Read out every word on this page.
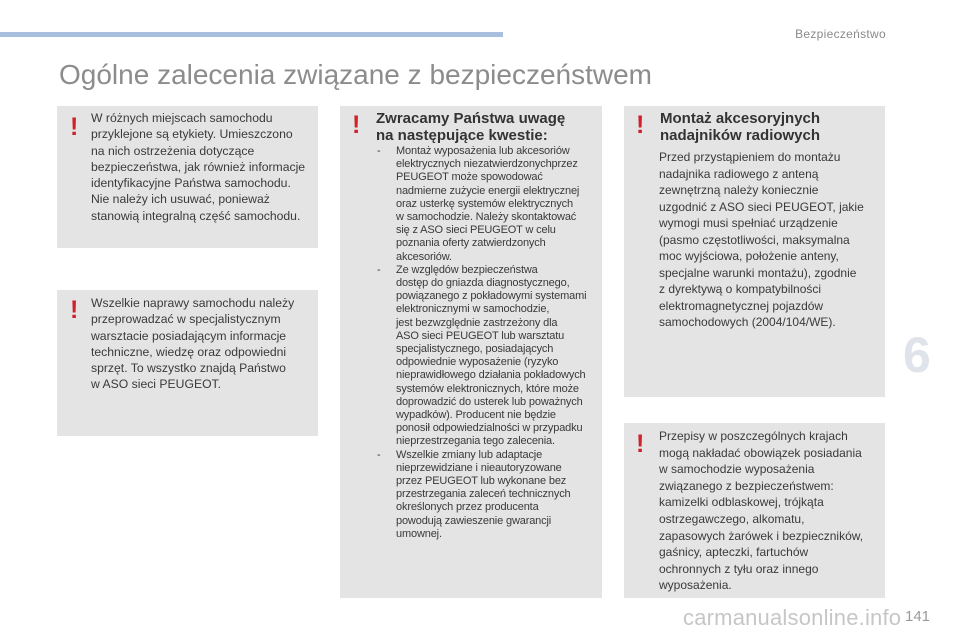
Bezpieczeństwo
Ogólne zalecenia związane z bezpieczeństwem
! W różnych miejscach samochodu
przyklejone są etykiety. Umieszczono
na nich ostrzeżenia dotyczące
bezpieczeństwa, jak również informacje
identyfikacyjne Państwa samochodu.
Nie należy ich usuwać, ponieważ
stanowią integralną część samochodu.
! Wszelkie naprawy samochodu należy
przeprowadzać w specjalistycznym
warsztacie posiadającym informacje
techniczne, wiedzę oraz odpowiedni
sprzęt. To wszystko znajdą Państwo
w ASO sieci PEUGEOT.
! Zwracamy Państwa uwagę
na następujące kwestie:
- Montaż wyposażenia lub akcesoriów
elektrycznych niezatwierdzonychprzez
PEUGEOT może spowodować
nadmierne zużycie energii elektrycznej
oraz usterkę systemów elektrycznych
w samochodzie. Należy skontaktować
się z ASO sieci PEUGEOT w celu
poznania oferty zatwierdzonych
akcesoriów.
- Ze względów bezpieczeństwa
dostęp do gniazda diagnostycznego,
powiązanego z pokładowymi systemami
elektronicznymi w samochodzie,
jest bezwzględnie zastrzeżony dla
ASO sieci PEUGEOT lub warsztatu
specjalistycznego, posiadających
odpowiednie wyposażenie (ryzyko
nieprawidłowego działania pokładowych
systemów elektronicznych, które może
doprowadzić do usterek lub poważnych
wypadków). Producent nie będzie
ponosił odpowiedzialności w przypadku
nieprzestrzegania tego zalecenia.
- Wszelkie zmiany lub adaptacje
nieprzewidziane i nieautoryzowane
przez PEUGEOT lub wykonane bez
przestrzegania zaleceń technicznych
określonych przez producenta
powodują zawieszenie gwarancji
umownej.
! Montaż akcesoryjnych
nadajników radiowych
Przed przystąpieniem do montażu
nadajnika radiowego z anteną
zewnętrzną należy koniecznie
uzgodnić z ASO sieci PEUGEOT, jakie
wymogi musi spełniać urządzenie
(pasmo częstotliwości, maksymalna
moc wyjściowa, położenie anteny,
specjalne warunki montażu), zgodnie
z dyrektywą o kompatybilności
elektromagnetycznej pojazdów
samochodowych (2004/104/WE).
! Przepisy w poszczególnych krajach
mogą nakładać obowiązek posiadania
w samochodzie wyposażenia
związanego z bezpieczeństwem:
kamizelki odblaskowej, trójkąta
ostrzegawczego, alkomatu,
zapasowych żarówek i bezpieczników,
gaśnicy, apteczki, fartuchów
ochronnych z tyłu oraz innego
wyposażenia.
6
carmanualsonline.info 141
